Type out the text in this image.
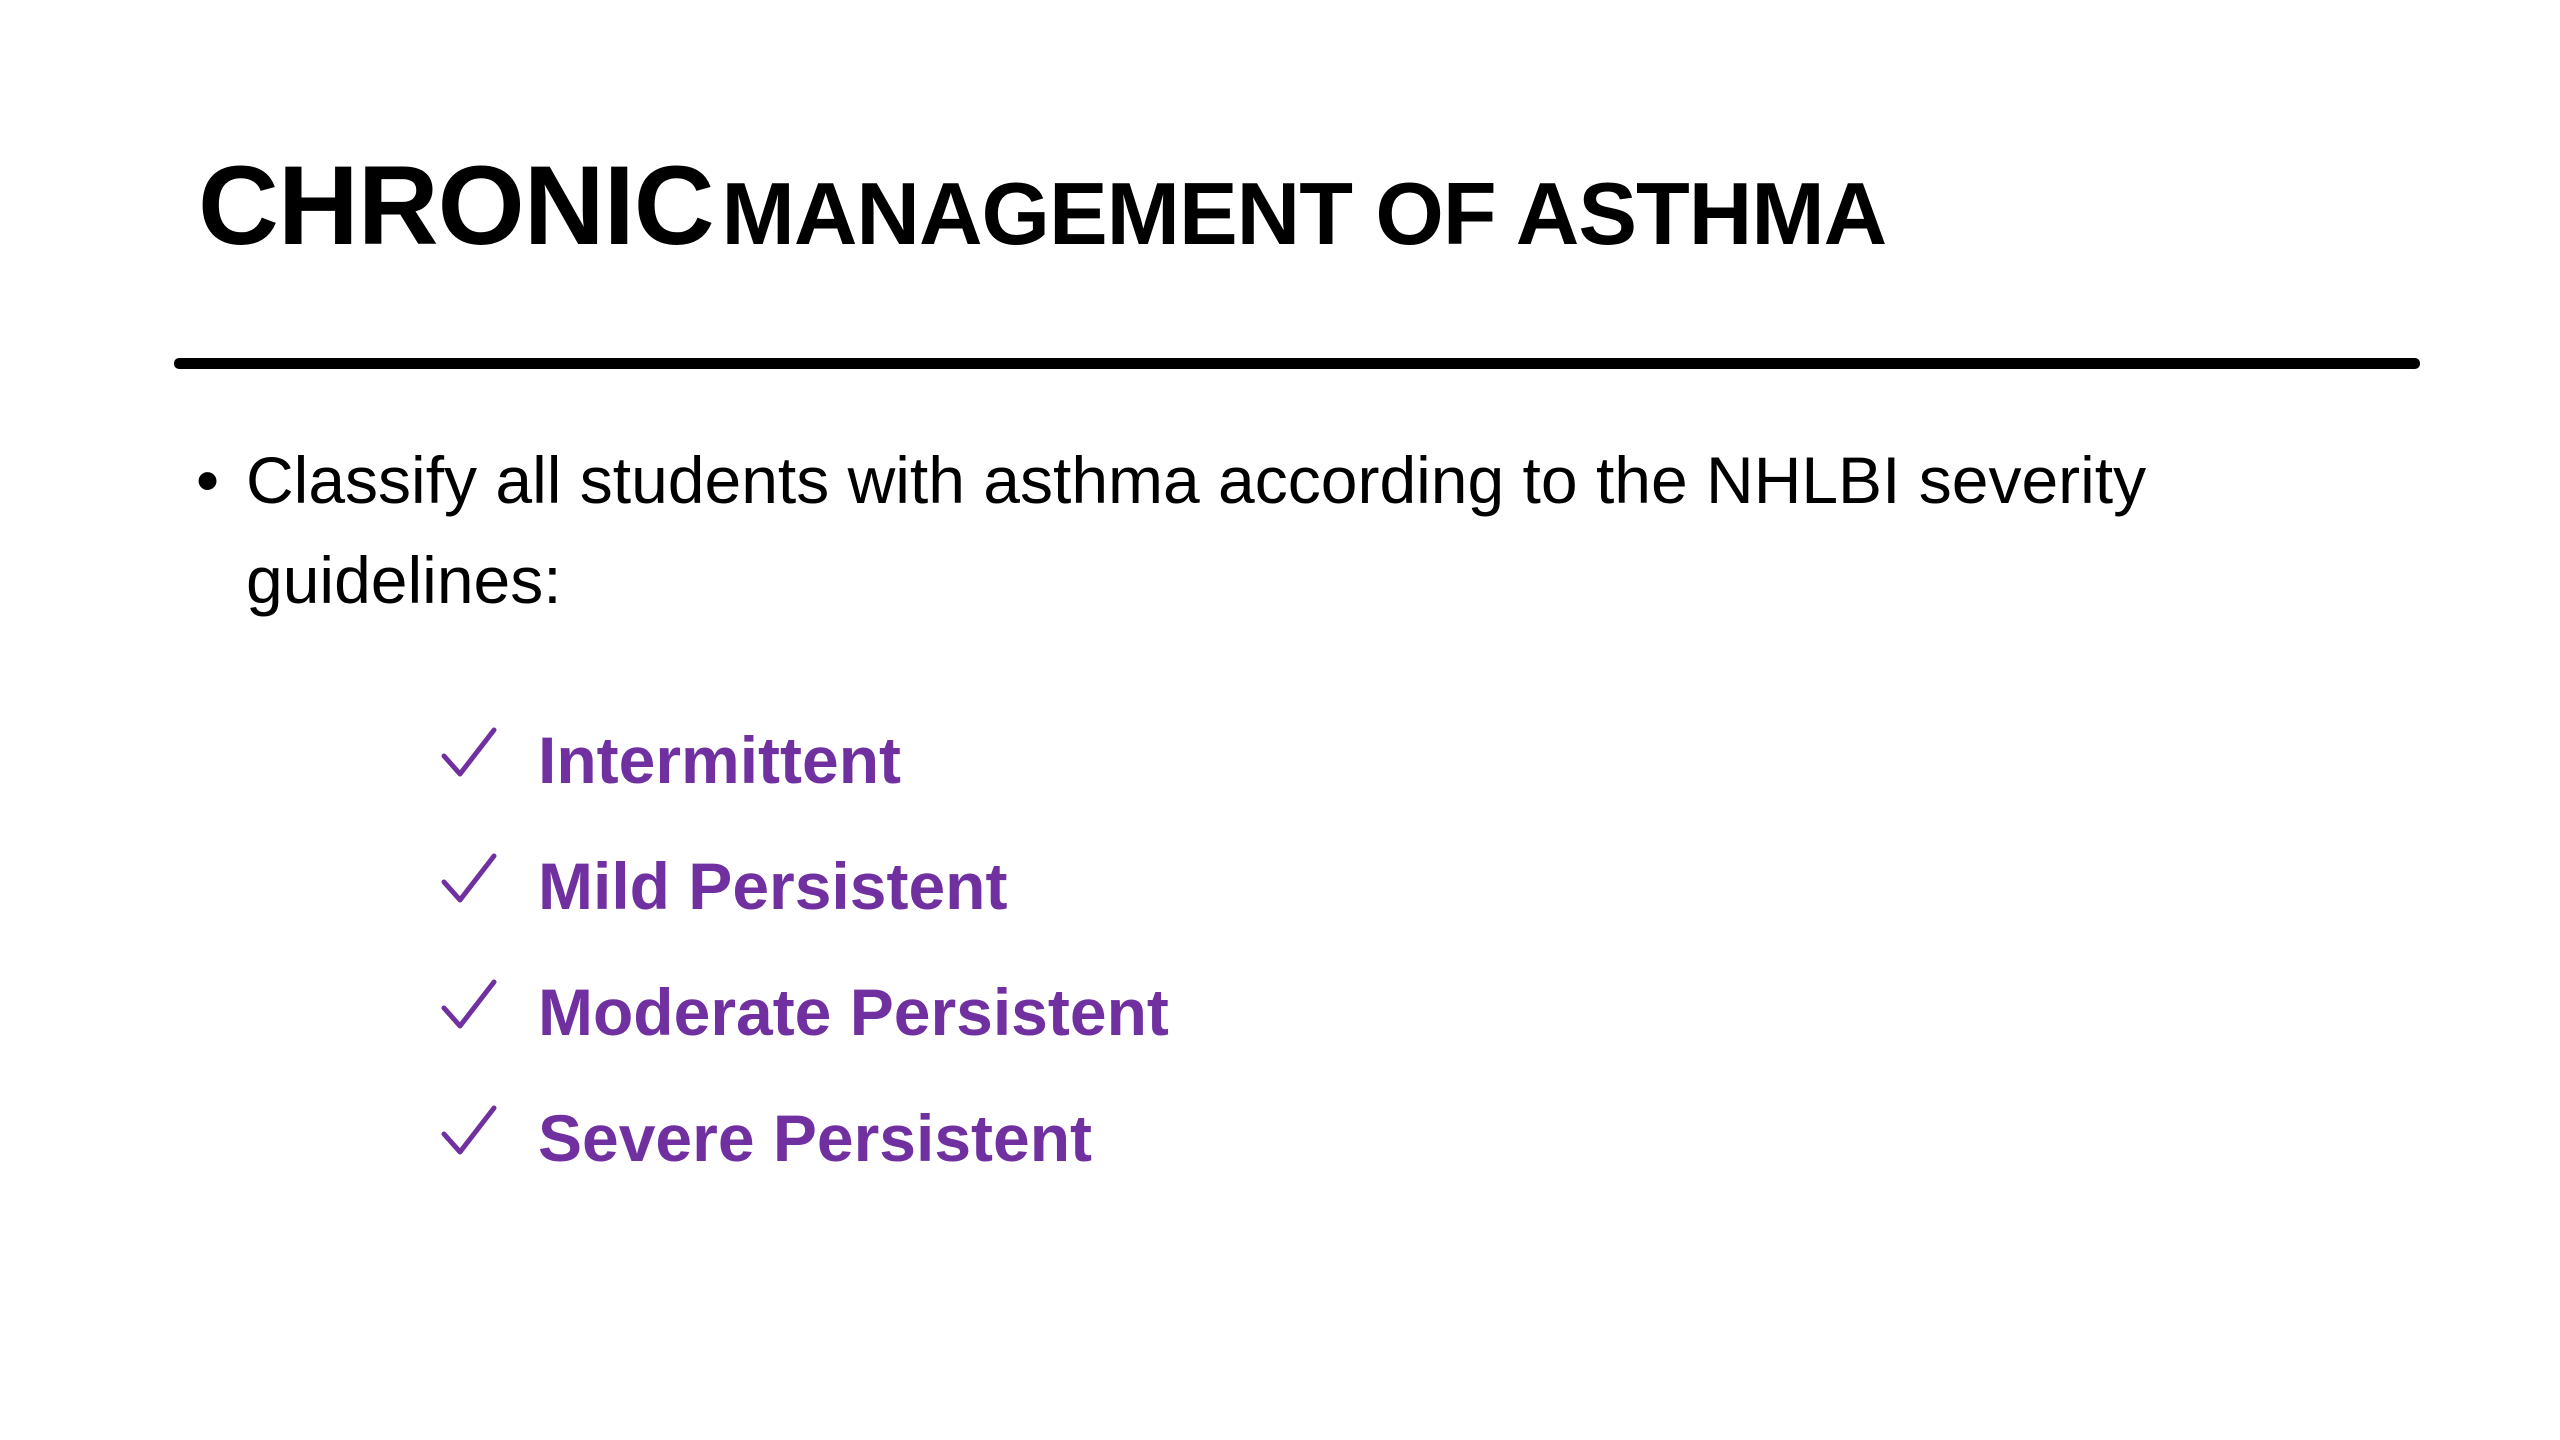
CHRONIC MANAGEMENT OF ASTHMA
• Classify all students with asthma according to the NHLBI severity guidelines:
Intermittent
Mild Persistent
Moderate Persistent
Severe Persistent
